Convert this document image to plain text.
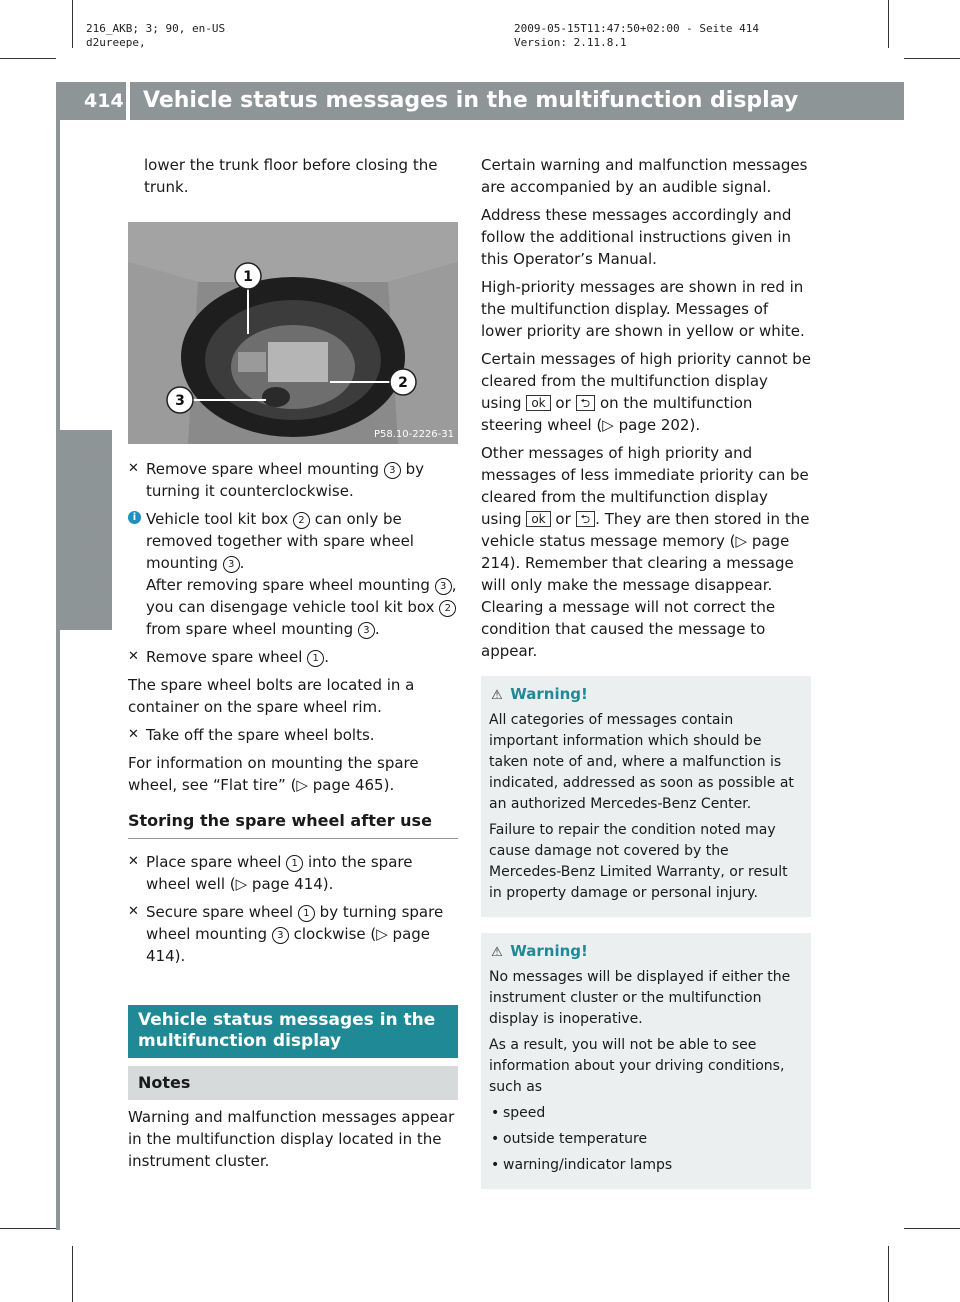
216_AKB; 3; 90, en-US
d2ureepe,
2009-05-15T11:47:50+02:00 - Seite 414
Version: 2.11.8.1
414 Vehicle status messages in the multifunction display
Practical hints

lower the trunk floor before closing the trunk.

1
2
3
P58.10-2226-31
✕ Remove spare wheel mounting 3 by turning it counterclockwise.
i Vehicle tool kit box 2 can only be removed together with spare wheel mounting 3 .
After removing spare wheel mounting 3 , you can disengage vehicle tool kit box 2 from spare wheel mounting 3 .
✕ Remove spare wheel 1 .

The spare wheel bolts are located in a container on the spare wheel rim.

✕ Take off the spare wheel bolts.

For information on mounting the spare wheel, see “Flat tire” (▷ page 465).

Storing the spare wheel after use
✕ Place spare wheel 1 into the spare wheel well (▷ page 414).
✕ Secure spare wheel 1 by turning spare wheel mounting 3 clockwise (▷ page 414).
Vehicle status messages in the multifunction display
Notes

Warning and malfunction messages appear in the multifunction display located in the instrument cluster.

Certain warning and malfunction messages are accompanied by an audible signal.

Address these messages accordingly and follow the additional instructions given in this Operator’s Manual.

High-priority messages are shown in red in the multifunction display. Messages of lower priority are shown in yellow or white.

Certain messages of high priority cannot be cleared from the multifunction display using ok or ⮌ on the multifunction steering wheel (▷ page 202).

Other messages of high priority and messages of less immediate priority can be cleared from the multifunction display using ok or ⮌ . They are then stored in the vehicle status message memory (▷ page 214). Remember that clearing a message will only make the message disappear. Clearing a message will not correct the condition that caused the message to appear.

⚠ Warning!

All categories of messages contain important information which should be taken note of and, where a malfunction is indicated, addressed as soon as possible at an authorized Mercedes-Benz Center.

Failure to repair the condition noted may cause damage not covered by the Mercedes-Benz Limited Warranty, or result in property damage or personal injury.

⚠ Warning!

No messages will be displayed if either the instrument cluster or the multifunction display is inoperative.

As a result, you will not be able to see information about your driving conditions, such as

• speed
• outside temperature
• warning/indicator lamps
